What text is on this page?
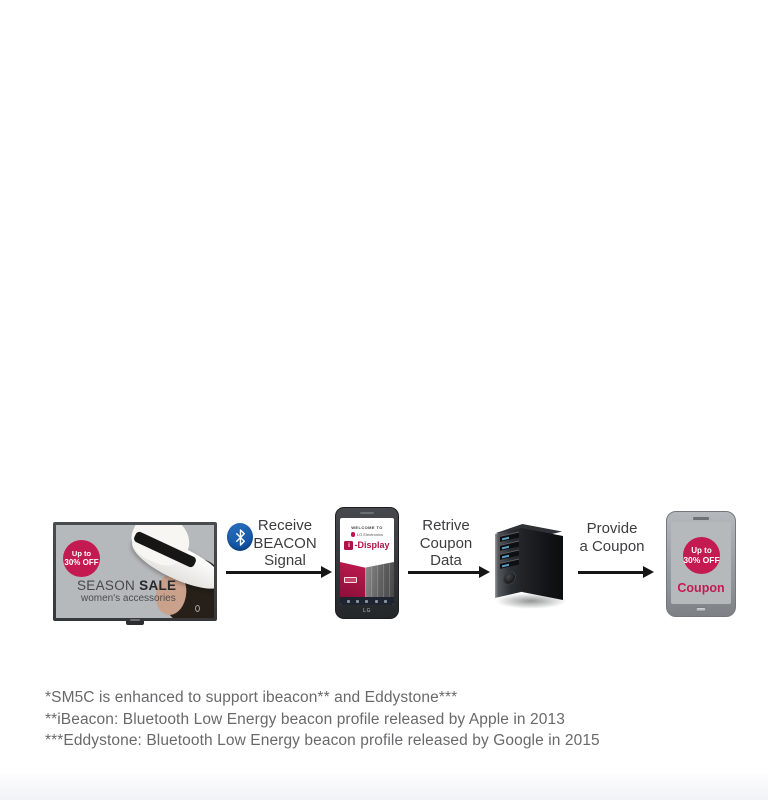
Up to
30% OFF
SEASON SALE
women's accessories
Receive
BEACON
Signal
WELCOME TO
LG Electronics
i -Display
LG
Retrive
Coupon
Data
Provide
a Coupon	Up to
30% OFF
Coupon
*SM5C is enhanced to support ibeacon** and Eddystone***
**iBeacon: Bluetooth Low Energy beacon profile released by Apple in 2013
***Eddystone: Bluetooth Low Energy beacon profile released by Google in 2015
